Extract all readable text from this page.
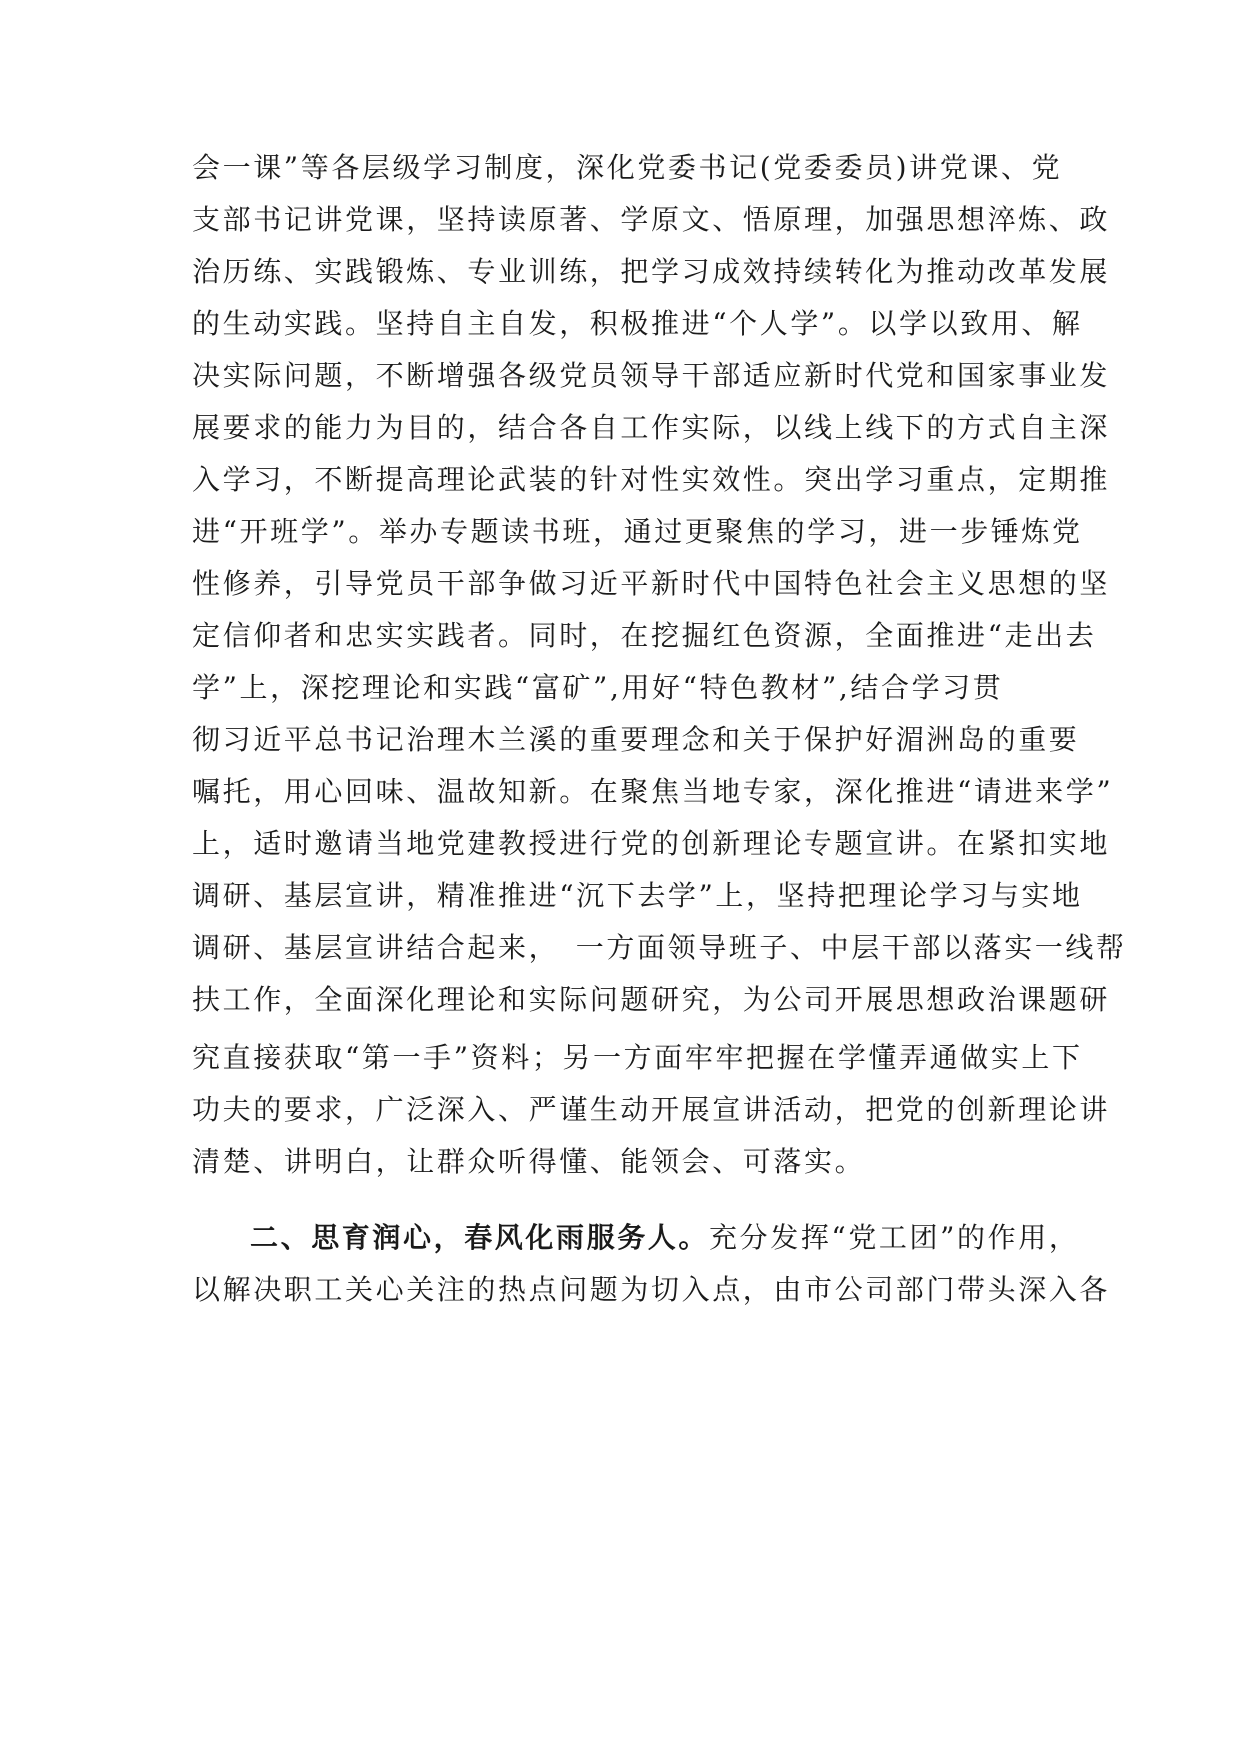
会一课”等各层级学习制度，深化党委书记(党委委员)讲党课、党
支部书记讲党课，坚持读原著、学原文、悟原理，加强思想淬炼、政
治历练、实践锻炼、专业训练，把学习成效持续转化为推动改革发展
的生动实践。坚持自主自发，积极推进“个人学”。以学以致用、解
决实际问题，不断增强各级党员领导干部适应新时代党和国家事业发
展要求的能力为目的，结合各自工作实际，以线上线下的方式自主深
入学习，不断提高理论武装的针对性实效性。突出学习重点，定期推
进“开班学”。举办专题读书班，通过更聚焦的学习，进一步锤炼党
性修养，引导党员干部争做习近平新时代中国特色社会主义思想的坚
定信仰者和忠实实践者。同时，在挖掘红色资源，全面推进“走出去
学”上，深挖理论和实践“富矿”,用好“特色教材”,结合学习贯
彻习近平总书记治理木兰溪的重要理念和关于保护好湄洲岛的重要
嘱托，用心回味、温故知新。在聚焦当地专家，深化推进“请进来学”
上，适时邀请当地党建教授进行党的创新理论专题宣讲。在紧扣实地
调研、基层宣讲，精准推进“沉下去学”上，坚持把理论学习与实地
调研、基层宣讲结合起来，　一方面领导班子、中层干部以落实一线帮
扶工作，全面深化理论和实际问题研究，为公司开展思想政治课题研
究直接获取“第一手”资料；另一方面牢牢把握在学懂弄通做实上下
功夫的要求，广泛深入、严谨生动开展宣讲活动，把党的创新理论讲
清楚、讲明白，让群众听得懂、能领会、可落实。
二、思育润心，春风化雨服务人。充分发挥“党工团”的作用，
以解决职工关心关注的热点问题为切入点，由市公司部门带头深入各
